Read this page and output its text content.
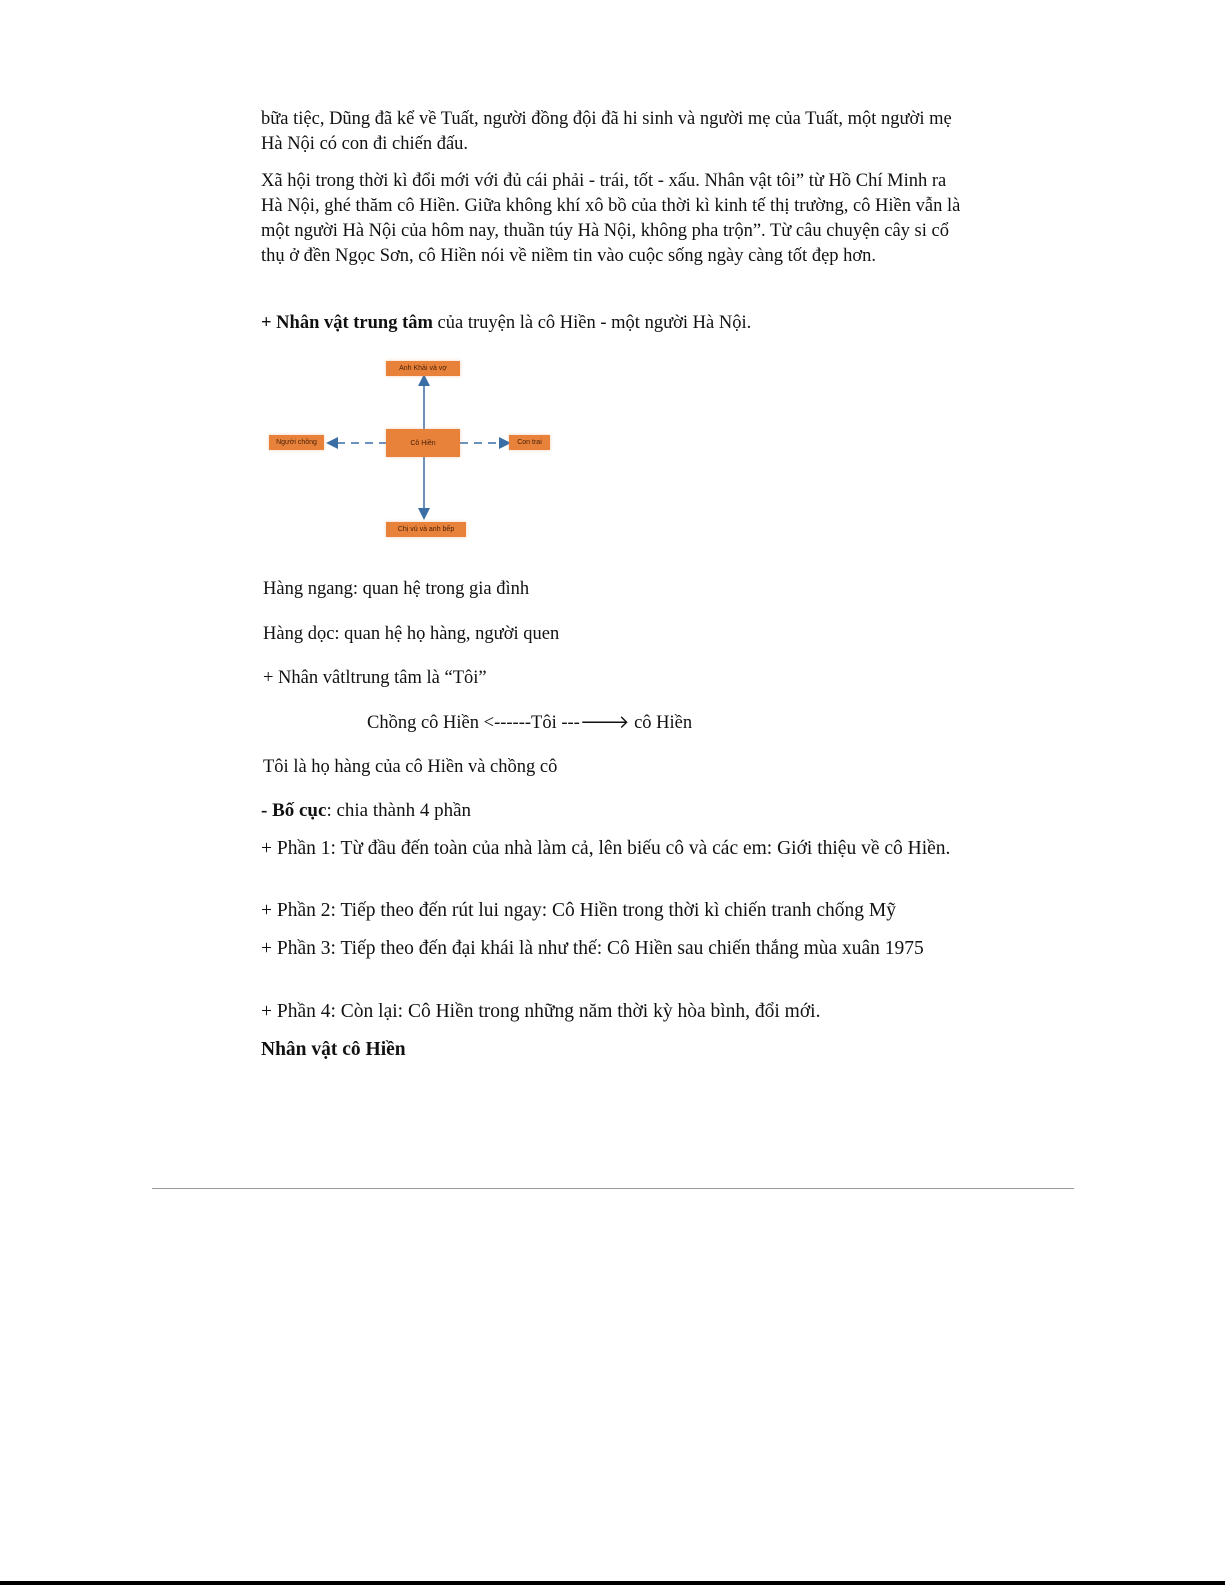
bữa tiệc, Dũng đã kể về Tuất, người đồng đội đã hi sinh và người mẹ của Tuất, một người mẹ Hà Nội có con đi chiến đấu.

Xã hội trong thời kì đổi mới với đủ cái phải - trái, tốt - xấu. Nhân vật tôi” từ Hồ Chí Minh ra Hà Nội, ghé thăm cô Hiền. Giữa không khí xô bồ của thời kì kinh tế thị trường, cô Hiền vẫn là một người Hà Nội của hôm nay, thuần túy Hà Nội, không pha trộn”. Từ câu chuyện cây si cổ thụ ở đền Ngọc Sơn, cô Hiền nói về niềm tin vào cuộc sống ngày càng tốt đẹp hơn.

+ Nhân vật trung tâm của truyện là cô Hiền - một người Hà Nội.

Anh Khải và vợ
Cô Hiền
Người chồng	Con trai
Chị vú và anh bếp

Hàng ngang: quan hệ trong gia đình

Hàng dọc: quan hệ họ hàng, người quen

+ Nhân vâtltrung tâm là “Tôi”

Chồng cô Hiền <------Tôi ---🡒 cô Hiền

Tôi là họ hàng của cô Hiền và chồng cô

- Bố cục: chia thành 4 phần

+ Phần 1: Từ đầu đến toàn của nhà làm cả, lên biếu cô và các em: Giới thiệu về cô Hiền.

+ Phần 2: Tiếp theo đến rút lui ngay: Cô Hiền trong thời kì chiến tranh chống Mỹ

+ Phần 3: Tiếp theo đến đại khái là như thế: Cô Hiền sau chiến thắng mùa xuân 1975

+ Phần 4: Còn lại: Cô Hiền trong những năm thời kỳ hòa bình, đổi mới.

Nhân vật cô Hiền
